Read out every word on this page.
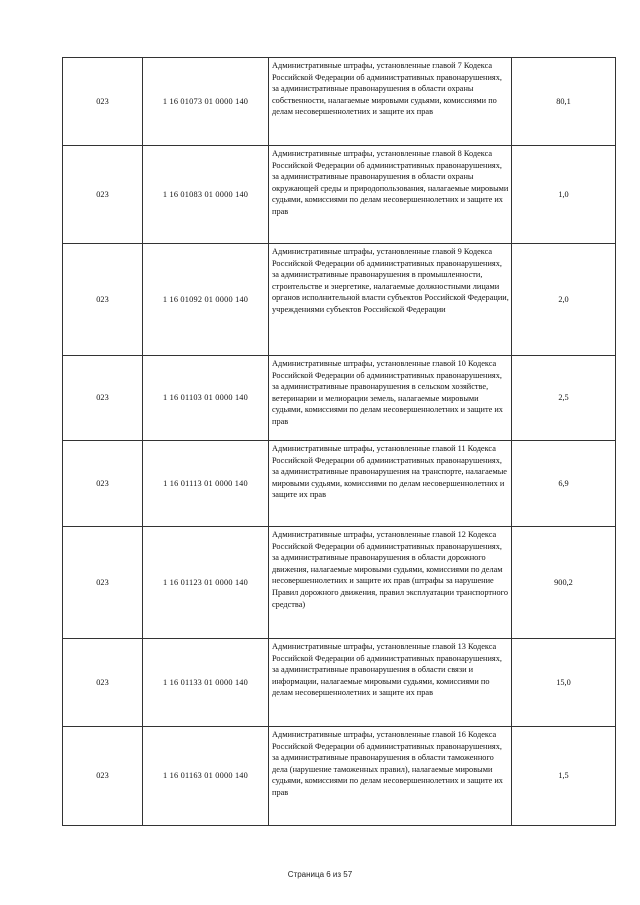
023	1 16 01073 01 0000 140	Административные штрафы, установленные главой 7 Кодекса Российской Федерации об административных правонарушениях, за административные правонарушения в области охраны собственности, налагаемые мировыми судьями, комиссиями по делам несовершеннолетних и защите их прав	80,1
023	1 16 01083 01 0000 140	Административные штрафы, установленные главой 8 Кодекса Российской Федерации об административных правонарушениях, за административные правонарушения в области охраны окружающей среды и природопользования, налагаемые мировыми судьями, комиссиями по делам несовершеннолетних и защите их прав	1,0
023	1 16 01092 01 0000 140	Административные штрафы, установленные главой 9 Кодекса Российской Федерации об административных правонарушениях, за административные правонарушения в промышленности, строительстве и энергетике, налагаемые должностными лицами органов исполнительной власти субъектов Российской Федерации, учреждениями субъектов Российской Федерации	2,0
023	1 16 01103 01 0000 140	Административные штрафы, установленные главой 10 Кодекса Российской Федерации об административных правонарушениях, за административные правонарушения в сельском хозяйстве, ветеринарии и мелиорации земель, налагаемые мировыми судьями, комиссиями по делам несовершеннолетних и защите их прав	2,5
023	1 16 01113 01 0000 140	Административные штрафы, установленные главой 11 Кодекса Российской Федерации об административных правонарушениях, за административные правонарушения на транспорте, налагаемые мировыми судьями, комиссиями по делам несовершеннолетних и защите их прав	6,9
023	1 16 01123 01 0000 140	Административные штрафы, установленные главой 12 Кодекса Российской Федерации об административных правонарушениях, за административные правонарушения в области дорожного движения, налагаемые мировыми судьями, комиссиями по делам несовершеннолетних и защите их прав (штрафы за нарушение Правил дорожного движения, правил эксплуатации транспортного средства)	900,2
023	1 16 01133 01 0000 140	Административные штрафы, установленные главой 13 Кодекса Российской Федерации об административных правонарушениях, за административные правонарушения в области связи и информации, налагаемые мировыми судьями, комиссиями по делам несовершеннолетних и защите их прав	15,0
023	1 16 01163 01 0000 140	Административные штрафы, установленные главой 16 Кодекса Российской Федерации об административных правонарушениях, за административные правонарушения в области таможенного дела (нарушение таможенных правил), налагаемые мировыми судьями, комиссиями по делам несовершеннолетних и защите их прав	1,5
Страница 6 из 57
